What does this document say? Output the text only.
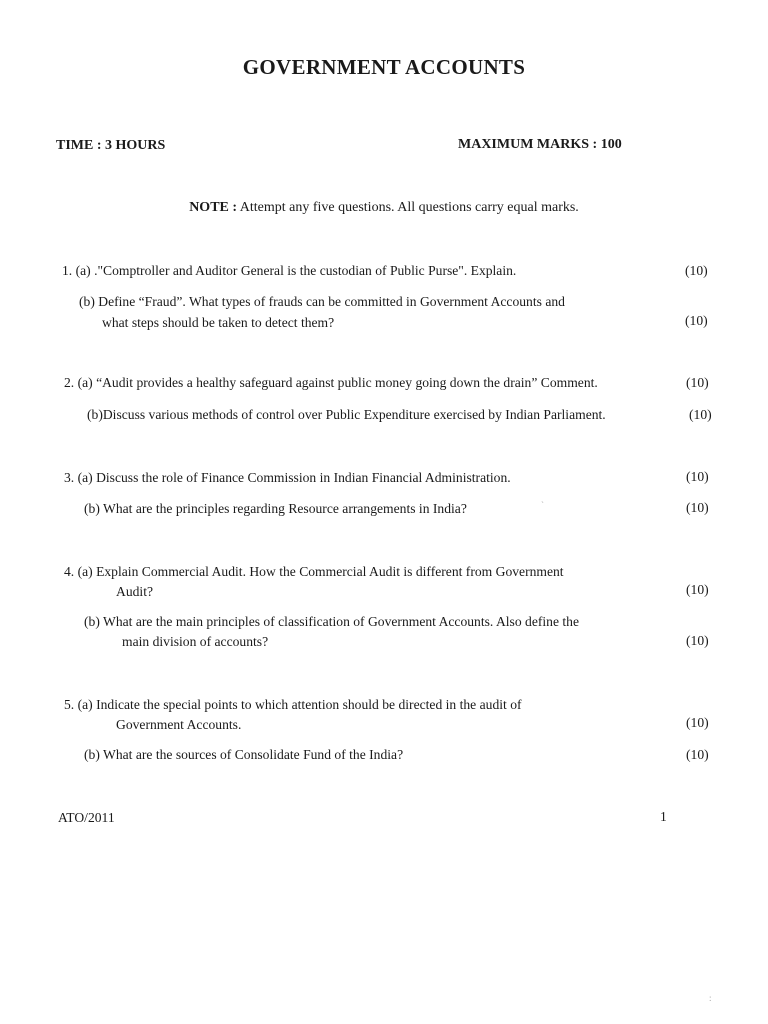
GOVERNMENT ACCOUNTS
TIME : 3 HOURS	MAXIMUM MARKS : 100
NOTE : Attempt any five questions. All questions carry equal marks.
1. (a) ."Comptroller and Auditor General is the custodian of Public Purse". Explain.	(10)
(b) Define “Fraud”. What types of frauds can be committed in Government Accounts and
what steps should be taken to detect them?	(10)
2. (a) “Audit provides a healthy safeguard against public money going down the drain” Comment.	(10)
(b)Discuss various methods of control over Public Expenditure exercised by Indian Parliament.	(10)
3. (a) Discuss the role of Finance Commission in Indian Financial Administration.	(10)
(b) What are the principles regarding Resource arrangements in India?	`	(10)
4. (a) Explain Commercial Audit. How the Commercial Audit is different from Government
Audit?	(10)
(b) What are the main principles of classification of Government Accounts. Also define the
main division of accounts?	(10)
5. (a) Indicate the special points to which attention should be directed in the audit of
Government Accounts.	(10)
(b) What are the sources of Consolidate Fund of the India?	(10)
ATO/2011	1
:
